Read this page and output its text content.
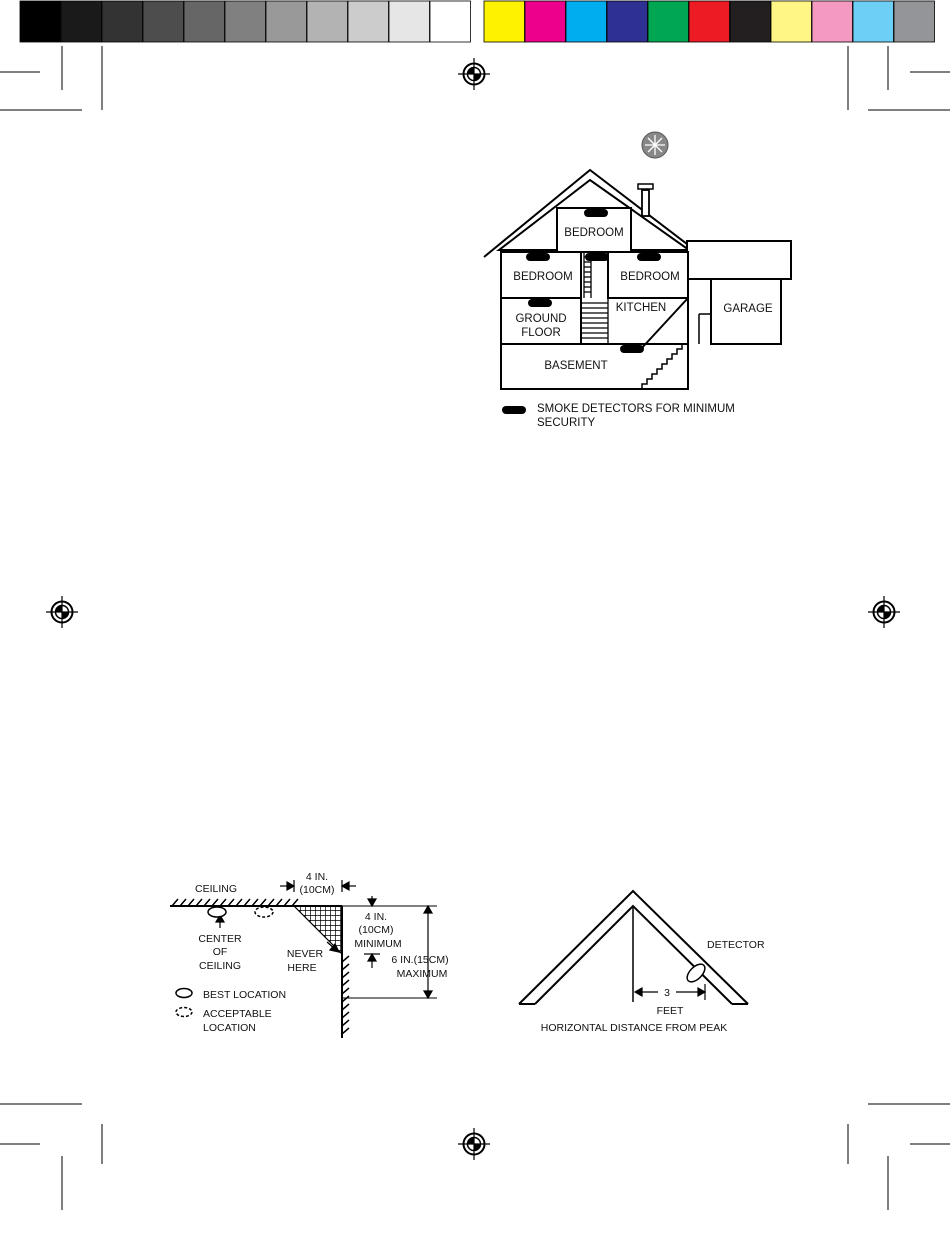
BEDROOM
BEDROOM	BEDROOM
GROUND
FLOOR
KITCHEN	GARAGE
BASEMENT
SMOKE DETECTORS FOR MINIMUM
SECURITY
CEILING
4 IN.
(10CM)
CENTER
OF
CEILING
NEVER
HERE
4 IN.
(10CM)
MINIMUM
6 IN.(15CM)
MAXIMUM
BEST LOCATION
ACCEPTABLE
LOCATION
3
FEET
DETECTOR
HORIZONTAL DISTANCE FROM PEAK
